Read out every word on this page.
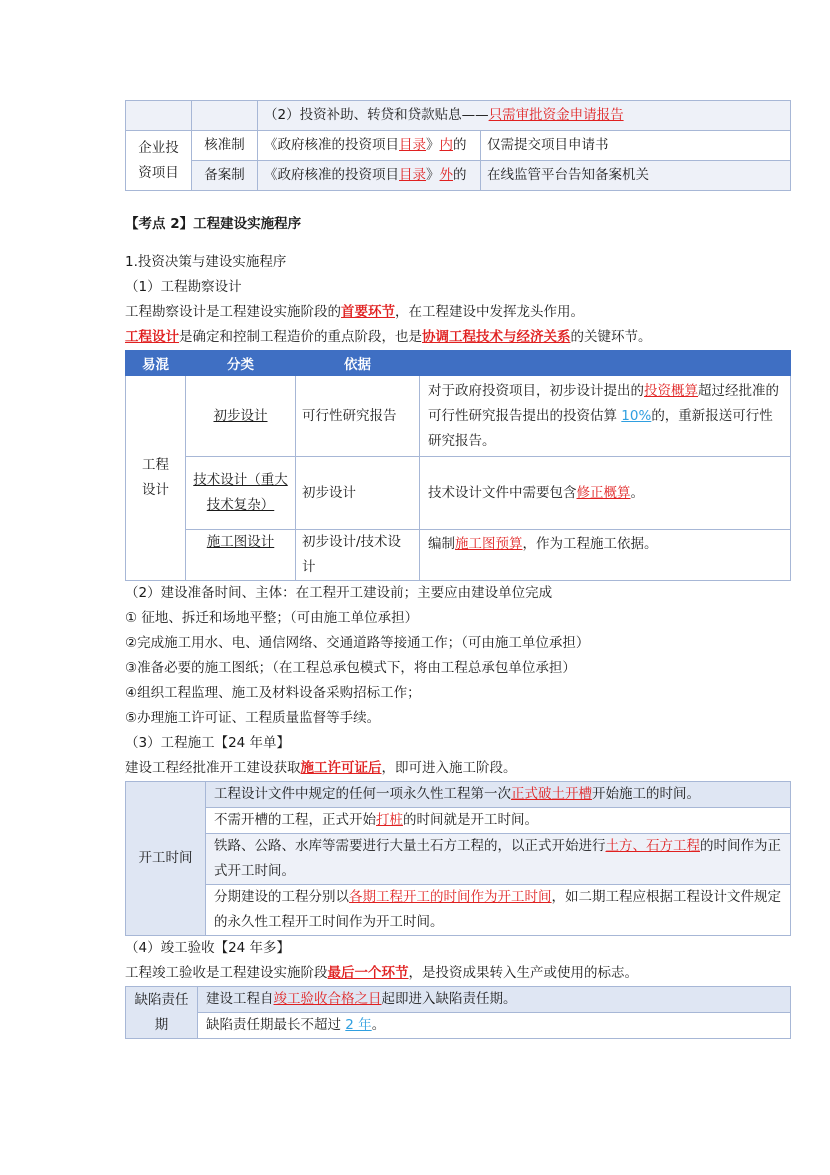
		（2）投资补助、转贷和贷款贴息——只需审批资金申请报告	
企业投资项目	核准制	《政府核准的投资项目目录》内的	仅需提交项目申请书
	备案制	《政府核准的投资项目目录》外的	在线监管平台告知备案机关
【考点 2】工程建设实施程序
1.投资决策与建设实施程序
（1）工程勘察设计
工程勘察设计是工程建设实施阶段的首要环节，在工程建设中发挥龙头作用。
工程设计是确定和控制工程造价的重点阶段，也是协调工程技术与经济关系的关键环节。
易混	分类	依据	
工程设计	初步设计	可行性研究报告	对于政府投资项目，初步设计提出的投资概算超过经批准的可行性研究报告提出的投资估算 10%的，重新报送可行性研究报告。
	技术设计（重大技术复杂）	初步设计	技术设计文件中需要包含修正概算。
	施工图设计	初步设计/技术设计	编制施工图预算，作为工程施工依据。
（2）建设准备时间、主体：在工程开工建设前；主要应由建设单位完成
① 征地、拆迁和场地平整；（可由施工单位承担）
②完成施工用水、电、通信网络、交通道路等接通工作；（可由施工单位承担）
③准备必要的施工图纸；（在工程总承包模式下，将由工程总承包单位承担）
④组织工程监理、施工及材料设备采购招标工作；
⑤办理施工许可证、工程质量监督等手续。
（3）工程施工【24 年单】
建设工程经批准开工建设获取施工许可证后，即可进入施工阶段。
开工时间	工程设计文件中规定的任何一项永久性工程第一次正式破土开槽开始施工的时间。
不需开槽的工程，正式开始打桩的时间就是开工时间。
铁路、公路、水库等需要进行大量土石方工程的，以正式开始进行土方、石方工程的时间作为正式开工时间。
分期建设的工程分别以各期工程开工的时间作为开工时间，如二期工程应根据工程设计文件规定的永久性工程开工时间作为开工时间。
（4）竣工验收【24 年多】
工程竣工验收是工程建设实施阶段最后一个环节，是投资成果转入生产或使用的标志。
缺陷责任期	建设工程自竣工验收合格之日起即进入缺陷责任期。
缺陷责任期最长不超过 2 年。
